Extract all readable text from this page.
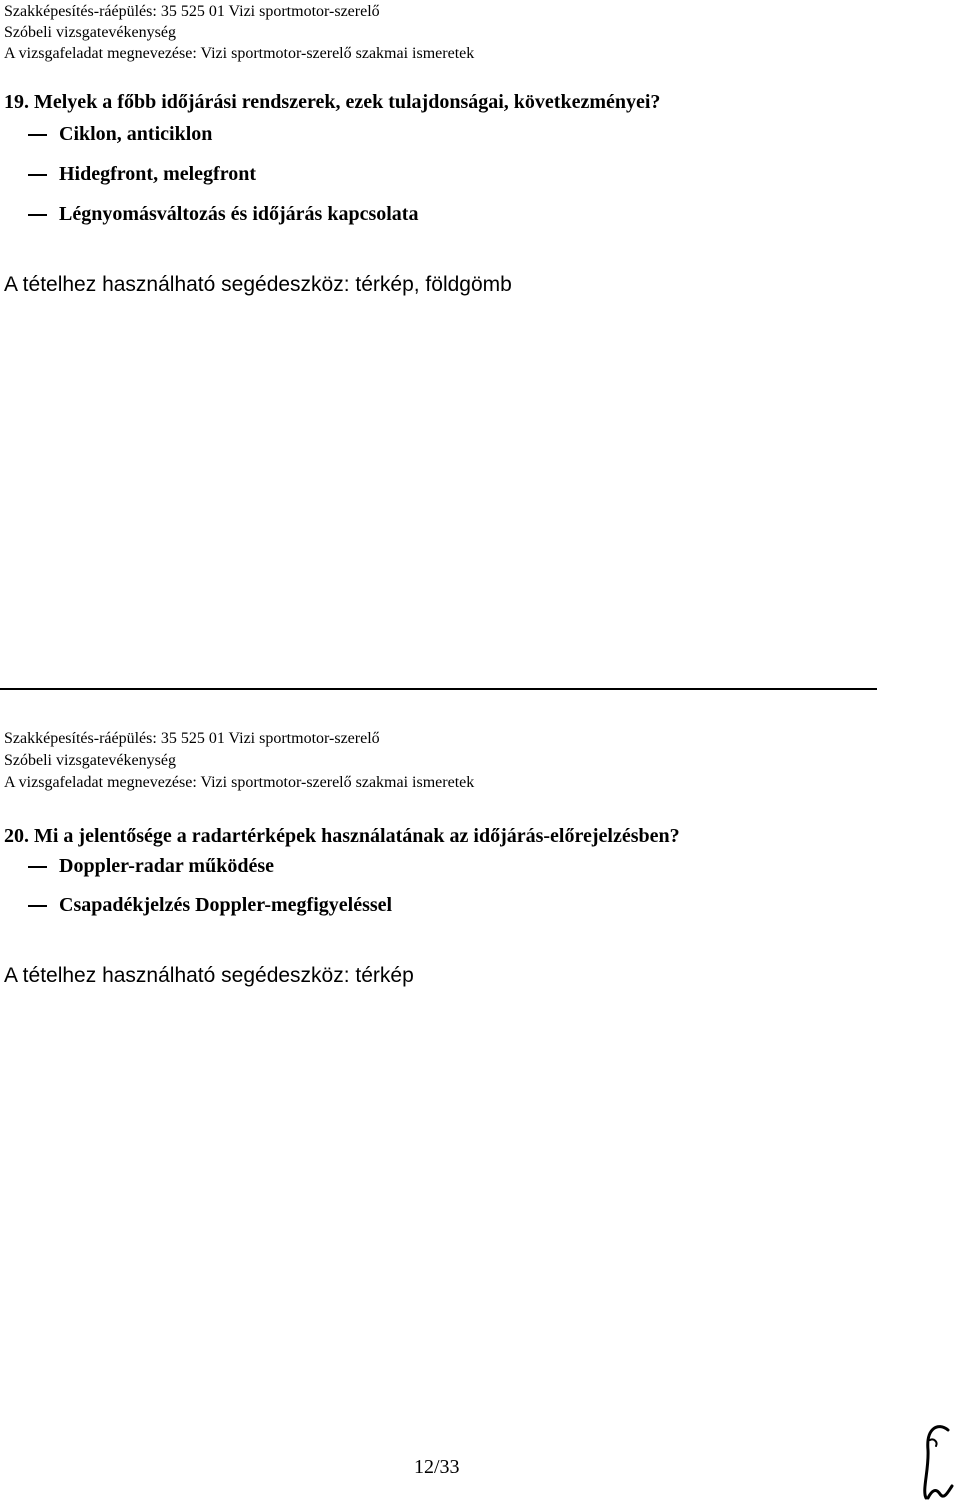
Szakképesítés-ráépülés: 35 525 01 Vizi sportmotor-szerelő
Szóbeli vizsgatevékenység
A vizsgafeladat megnevezése: Vizi sportmotor-szerelő szakmai ismeretek
19. Melyek a főbb időjárási rendszerek, ezek tulajdonságai, következményei?
Ciklon, anticiklon
Hidegfront, melegfront
Légnyomásváltozás és időjárás kapcsolata
A tételhez használható segédeszköz: térkép, földgömb
Szakképesítés-ráépülés: 35 525 01 Vizi sportmotor-szerelő
Szóbeli vizsgatevékenység
A vizsgafeladat megnevezése: Vizi sportmotor-szerelő szakmai ismeretek
20. Mi a jelentősége a radartérképek használatának az időjárás-előrejelzésben?
Doppler-radar működése
Csapadékjelzés Doppler-megfigyeléssel
A tételhez használható segédeszköz: térkép
12/33
